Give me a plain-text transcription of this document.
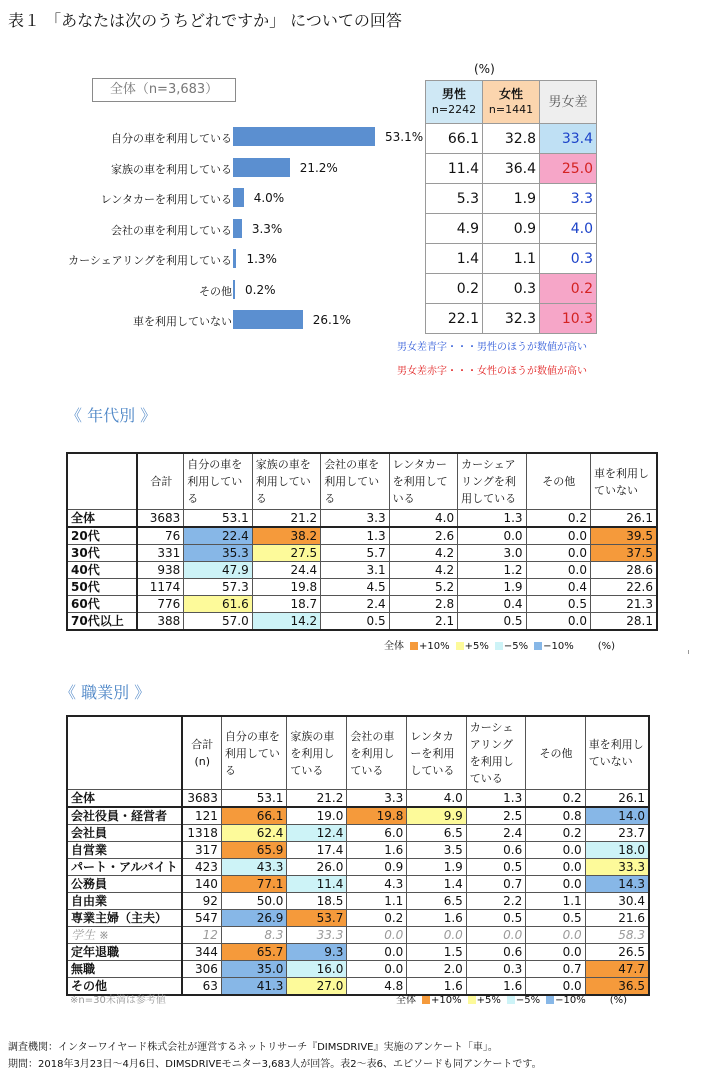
表１ 「あなたは次のうちどれですか」 についての回答
全体（n=3,683）
(%)
自分の車を利用している	53.1%
家族の車を利用している	21.2%
レンタカーを利用している 4.0%
会社の車を利用している 3.3%
カーシェアリングを利用している 1.3%
その他 0.2%
車を利用していない	26.1%
男性
n=2242	女性
n=1441	男女差
66.1	32.8	33.4
11.4	36.4	25.0
5.3	1.9	3.3
4.9	0.9	4.0
1.4	1.1	0.3
0.2	0.3	0.2
22.1	32.3	10.3
男女差青字・・・男性のほうが数値が高い
男女差赤字・・・女性のほうが数値が高い
《 年代別 》
	合計	自分の車を利用している	家族の車を利用している	会社の車を利用している	レンタカーを利用している	カーシェアリングを利用している	その他	車を利用していない
全体	3683	53.1	21.2	3.3	4.0	1.3	0.2	26.1
20代	76	22.4	38.2	1.3	2.6	0.0	0.0	39.5
30代	331	35.3	27.5	5.7	4.2	3.0	0.0	37.5
40代	938	47.9	24.4	3.1	4.2	1.2	0.0	28.6
50代	1174	57.3	19.8	4.5	5.2	1.9	0.4	22.6
60代	776	61.6	18.7	2.4	2.8	0.4	0.5	21.3
70代以上	388	57.0	14.2	0.5	2.1	0.5	0.0	28.1
全体 +10% +5% −5% −10% (%)
《 職業別 》
	合計(n)	自分の車を利用している	家族の車を利用している	会社の車を利用している	レンタカーを利用している	カーシェアリングを利用している	その他	車を利用していない
全体	3683	53.1	21.2	3.3	4.0	1.3	0.2	26.1
会社役員・経営者	121	66.1	19.0	19.8	9.9	2.5	0.8	14.0
会社員	1318	62.4	12.4	6.0	6.5	2.4	0.2	23.7
自営業	317	65.9	17.4	1.6	3.5	0.6	0.0	18.0
パート・アルバイト	423	43.3	26.0	0.9	1.9	0.5	0.0	33.3
公務員	140	77.1	11.4	4.3	1.4	0.7	0.0	14.3
自由業	92	50.0	18.5	1.1	6.5	2.2	1.1	30.4
専業主婦（主夫）	547	26.9	53.7	0.2	1.6	0.5	0.5	21.6
学生 ※	12	8.3	33.3	0.0	0.0	0.0	0.0	58.3
定年退職	344	65.7	9.3	0.0	1.5	0.6	0.0	26.5
無職	306	35.0	16.0	0.0	2.0	0.3	0.7	47.7
その他	63	41.3	27.0	4.8	1.6	1.6	0.0	36.5
※n=30未満は参考値	全体 +10% +5% −5% −10% (%)
調査機関：インターワイヤード株式会社が運営するネットリサーチ『DIMSDRIVE』実施のアンケート「車」。
期間：2018年3月23日～4月6日、DIMSDRIVEモニター3,683人が回答。表2～表6、エピソードも同アンケートです。
